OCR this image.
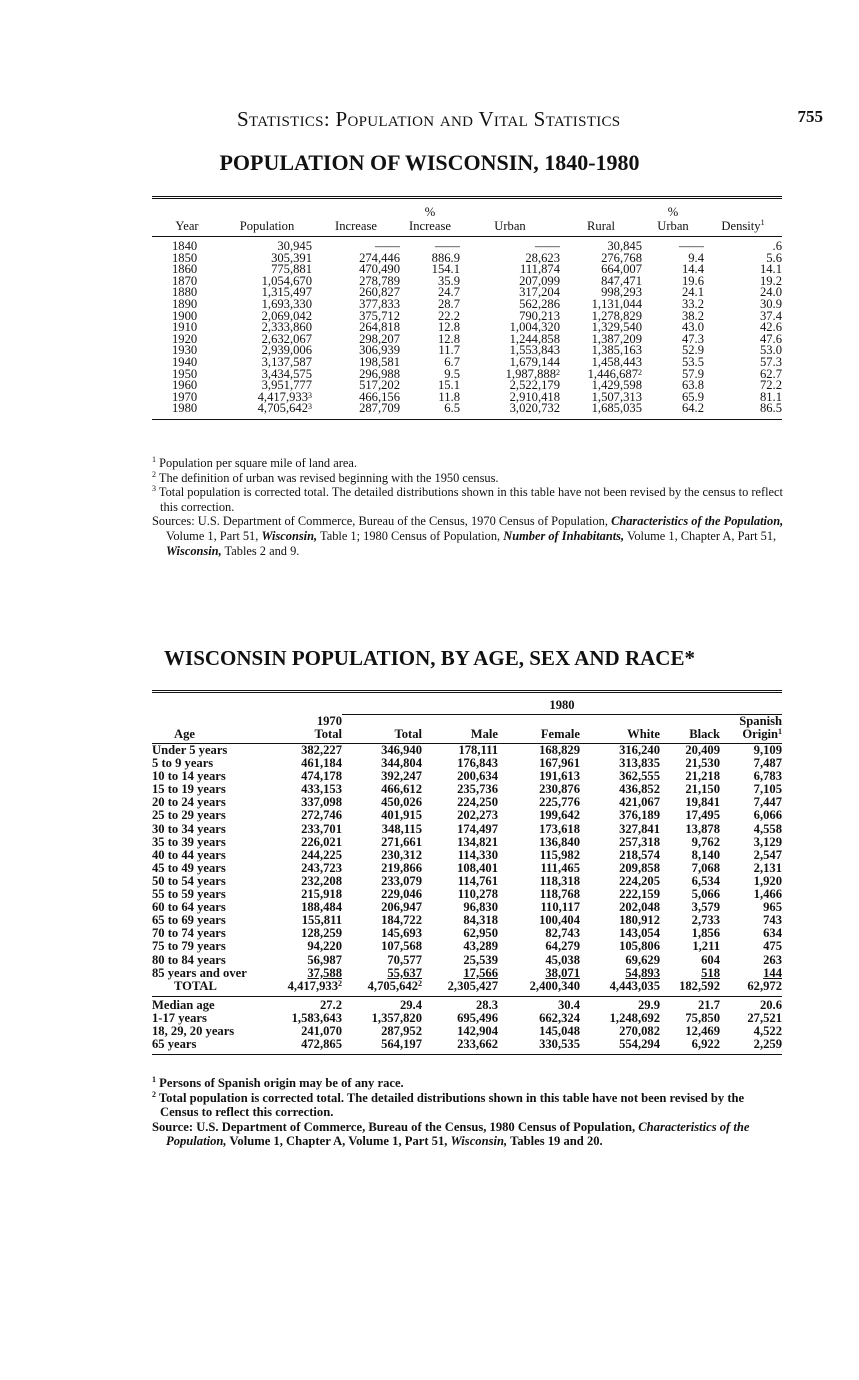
Statistics: Population and Vital Statistics	755
POPULATION OF WISCONSIN, 1840-1980

			%			%	
Year	Population	Increase	Increase	Urban	Rural	Urban	Density$^1$
1840	30,945	——	——	——	30,845	——	.6
1850	305,391	274,446	886.9	28,623	276,768	9.4	5.6
1860	775,881	470,490	154.1	111,874	664,007	14.4	14.1
1870	1,054,670	278,789	35.9	207,099	847,471	19.6	19.2
1880	1,315,497	260,827	24.7	317,204	998,293	24.1	24.0
1890	1,693,330	377,833	28.7	562,286	1,131,044	33.2	30.9
1900	2,069,042	375,712	22.2	790,213	1,278,829	38.2	37.4
1910	2,333,860	264,818	12.8	1,004,320	1,329,540	43.0	42.6
1920	2,632,067	298,207	12.8	1,244,858	1,387,209	47.3	47.6
1930	2,939,006	306,939	11.7	1,553,843	1,385,163	52.9	53.0
1940	3,137,587	198,581	6.7	1,679,144	1,458,443	53.5	57.3
1950	3,434,575	296,988	9.5	1,987,888$^2$	1,446,687$^2$	57.9	62.7
1960	3,951,777	517,202	15.1	2,522,179	1,429,598	63.8	72.2
1970	4,417,933$^3$	466,156	11.8	2,910,418	1,507,313	65.9	81.1
1980	4,705,642$^3$	287,709	6.5	3,020,732	1,685,035	64.2	86.5

$^1$ Population per square mile of land area.

$^2$ The definition of urban was revised beginning with the 1950 census.

$^3$ Total population is corrected total. The detailed distributions shown in this table have not been revised by the census to reflect this correction.

Sources: U.S. Department of Commerce, Bureau of the Census, 1970 Census of Population, Characteristics of the Population, Volume 1, Part 51, Wisconsin, Table 1; 1980 Census of Population, Number of Inhabitants, Volume 1, Chapter A, Part 51, Wisconsin, Tables 2 and 9.

WISCONSIN POPULATION, BY AGE, SEX AND RACE*

		1980					
	1970						Spanish
Age	Total	Total	Male	Female	White	Black	Origin$^1$
Under 5 years	382,227	346,940	178,111	168,829	316,240	20,409	9,109
5 to 9 years	461,184	344,804	176,843	167,961	313,835	21,530	7,487
10 to 14 years	474,178	392,247	200,634	191,613	362,555	21,218	6,783
15 to 19 years	433,153	466,612	235,736	230,876	436,852	21,150	7,105
20 to 24 years	337,098	450,026	224,250	225,776	421,067	19,841	7,447
25 to 29 years	272,746	401,915	202,273	199,642	376,189	17,495	6,066
30 to 34 years	233,701	348,115	174,497	173,618	327,841	13,878	4,558
35 to 39 years	226,021	271,661	134,821	136,840	257,318	9,762	3,129
40 to 44 years	244,225	230,312	114,330	115,982	218,574	8,140	2,547
45 to 49 years	243,723	219,866	108,401	111,465	209,858	7,068	2,131
50 to 54 years	232,208	233,079	114,761	118,318	224,205	6,534	1,920
55 to 59 years	215,918	229,046	110,278	118,768	222,159	5,066	1,466
60 to 64 years	188,484	206,947	96,830	110,117	202,048	3,579	965
65 to 69 years	155,811	184,722	84,318	100,404	180,912	2,733	743
70 to 74 years	128,259	145,693	62,950	82,743	143,054	1,856	634
75 to 79 years	94,220	107,568	43,289	64,279	105,806	1,211	475
80 to 84 years	56,987	70,577	25,539	45,038	69,629	604	263
85 years and over	37,588	55,637	17,566	38,071	54,893	518	144
TOTAL	4,417,933$^2$	4,705,642$^2$	2,305,427	2,400,340	4,443,035	182,592	62,972
Median age	27.2	29.4	28.3	30.4	29.9	21.7	20.6
1-17 years	1,583,643	1,357,820	695,496	662,324	1,248,692	75,850	27,521
18, 29, 20 years	241,070	287,952	142,904	145,048	270,082	12,469	4,522
65 years	472,865	564,197	233,662	330,535	554,294	6,922	2,259

$^1$ Persons of Spanish origin may be of any race.

$^2$ Total population is corrected total. The detailed distributions shown in this table have not been revised by the Census to reflect this correction.

Source: U.S. Department of Commerce, Bureau of the Census, 1980 Census of Population, Characteristics of the Population, Volume 1, Chapter A, Volume 1, Part 51, Wisconsin, Tables 19 and 20.
